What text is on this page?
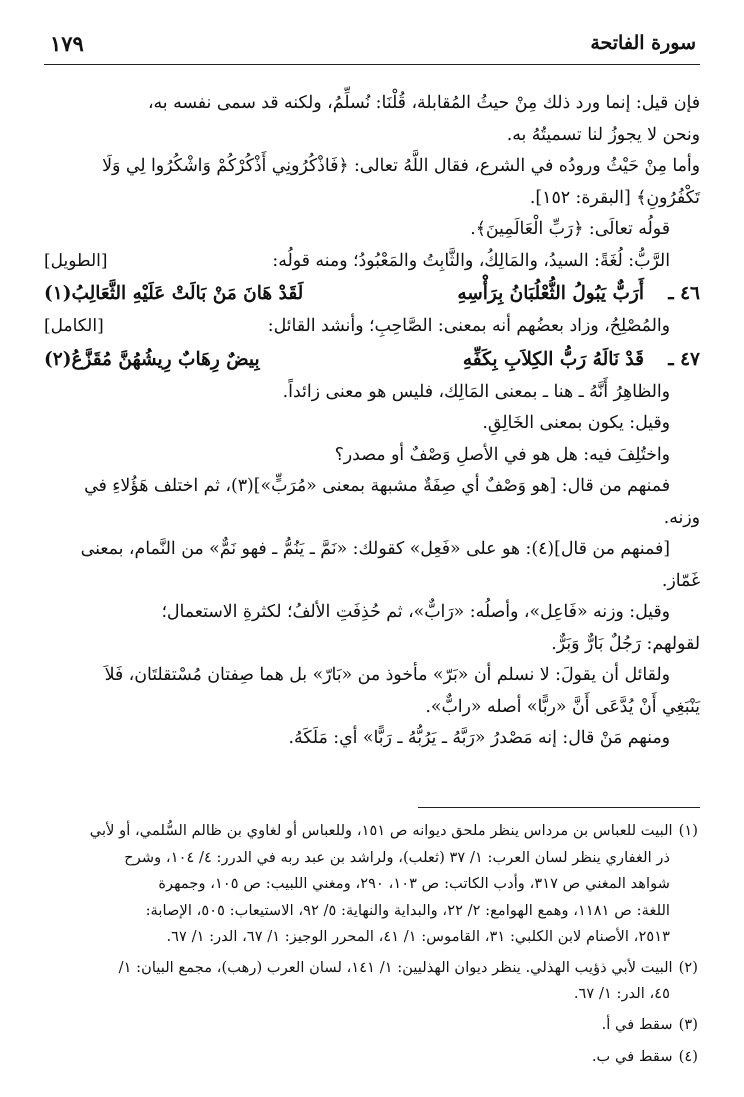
سورة الفاتحة
١٧٩

فإن قيل: إنما ورد ذلك مِنْ حيثُ المُقابلة، قُلْنَا: نُسلِّمُ، ولكنه قد سمى نفسه به،

ونحن لا يجوزُ لنا تسميتُهُ به.

وأما مِنْ حَيْثُ ورودُه في الشرع، فقال اللَّهُ تعالى: ﴿فَاذْكُرُونِي أَذْكُرْكُمْ وَاشْكُرُوا لِي وَلَا

تَكْفُرُونِ﴾ [البقرة: ١٥٢].

قولُه تعالَى: ﴿رَبِّ الْعَالَمِينَ﴾.

الرَّبُّ: لُغَةً: السيدُ، والمَالِكُ، والثَّابِتُ والمَعْبُودُ؛ ومنه قولُه:
[الطويل]
٤٦ ـ
أَرَبٌّ يَبُولُ الثُّعْلُبَانُ بِرَأْسِهِ
لَقَدْ هَانَ مَنْ بَالَتْ عَلَيْهِ الثَّعَالِبُ(١)
والمُصْلِحُ، وزاد بعضُهم أنه بمعنى: الصَّاحِبِ؛ وأنشد القائل:
[الكامل]
٤٧ ـ
قَدْ نَالَهُ رَبُّ الكِلاَبِ بِكَفِّهِ
بِيضٌ رِهَابٌ رِيشُهُنَّ مُقَزَّعُ(٢)

والظاهِرُ أَنَّهُ ـ هنا ـ بمعنى المَالِك، فليس هو معنى زائداً.

وقيل: يكون بمعنى الخَالِقِ.

واختُلِفَ فيه: هل هو في الأصلِ وَصْفٌ أو مصدر؟

فمنهم من قال: [هو وَصْفٌ أي صِفَةٌ مشبهة بمعنى «مُرَبٍّ»](٣)، ثم اختلف هَؤُلاءِ في

وزنه.

[فمنهم من قال](٤): هو على «فَعِل» كقولك: «نَمَّ ـ يَنُمُّ ـ فهو نَمٌّ» من النَّمام، بمعنى

غَمّاز.

وقيل: وزنه «فَاعِل»، وأصلُه: «رَابٌّ»، ثم حُذِفَتِ الألفُ؛ لكثرةِ الاستعمال؛

لقولهم: رَجُلٌ بَارٌّ وَبَرٌّ.

ولقائل أن يقولَ: لا نسلم أن «بَرّ» مأخوذ من «بَارّ» بل هما صِفتان مُسْتقلتَان، فَلاَ

يَنْبَغِي أَنْ يُدَّعَى أَنَّ «ربًّا» أصله «رابٌّ».

ومنهم مَنْ قال: إنه مَصْدرُ «رَبَّهُ ـ يَرُبُّهُ ـ رَبًّا» أي: مَلَكَهُ.

(١)البيت للعباس بن مرداس ينظر ملحق ديوانه ص ١٥١، وللعباس أو لغاوي بن ظالم السُّلمي، أو لأبي
ذر الغفاري ينظر لسان العرب: ١/ ٣٧ (ثعلب)، ولراشد بن عبد ربه في الدرر: ٤/ ١٠٤، وشرح
شواهد المغني ص ٣١٧، وأدب الكاتب: ص ١٠٣، ٢٩٠، ومغني اللبيب: ص ١٠٥، وجمهرة
اللغة: ص ١١٨١، وهمع الهوامع: ٢/ ٢٢، والبداية والنهاية: ٥/ ٩٢، الاستيعاب: ٥٠٥، الإصابة:
٢٥١٣، الأصنام لابن الكلبي: ٣١، القاموس: ١/ ٤١، المحرر الوجيز: ١/ ٦٧، الدر: ١/ ٦٧.

(٢)البيت لأبي ذؤيب الهذلي. ينظر ديوان الهذليين: ١/ ١٤١، لسان العرب (رهب)، مجمع البيان: ١/
٤٥، الدر: ١/ ٦٧.

(٣)سقط في أ.

(٤)سقط في ب.
